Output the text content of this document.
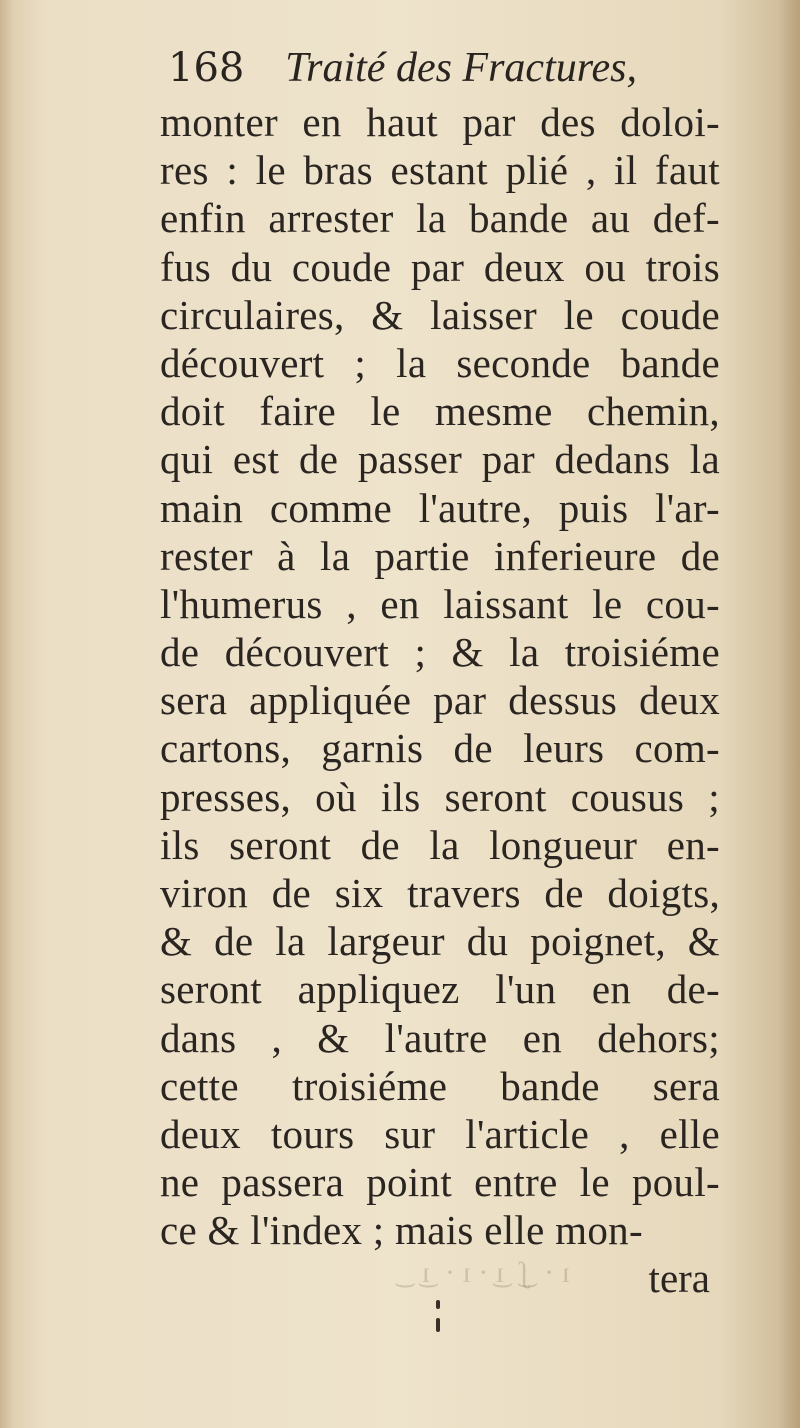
168 Traité des Fractures,
monter en haut par des doloi-
res : le bras estant plié , il faut
enfin arrester la bande au def-
fus du coude par deux ou trois
circulaires, & laisser le coude
découvert ; la seconde bande
doit faire le mesme chemin,
qui est de passer par dedans la
main comme l'autre, puis l'ar-
rester à la partie inferieure de
l'humerus , en laissant le cou-
de découvert ; & la troisiéme
sera appliquée par dessus deux
cartons, garnis de leurs com-
presses, où ils seront cousus ;
ils seront de la longueur en-
viron de six travers de doigts,
& de la largeur du poignet, &
seront appliquez l'un en de-
dans , & l'autre en dehors;
cette troisiéme bande sera
deux tours sur l'article , elle
ne passera point entre le poul-
ce & l'index ; mais elle mon-
ı · ͜ ʃ ͜ ı · ı · ͜ ı ͜	tera
